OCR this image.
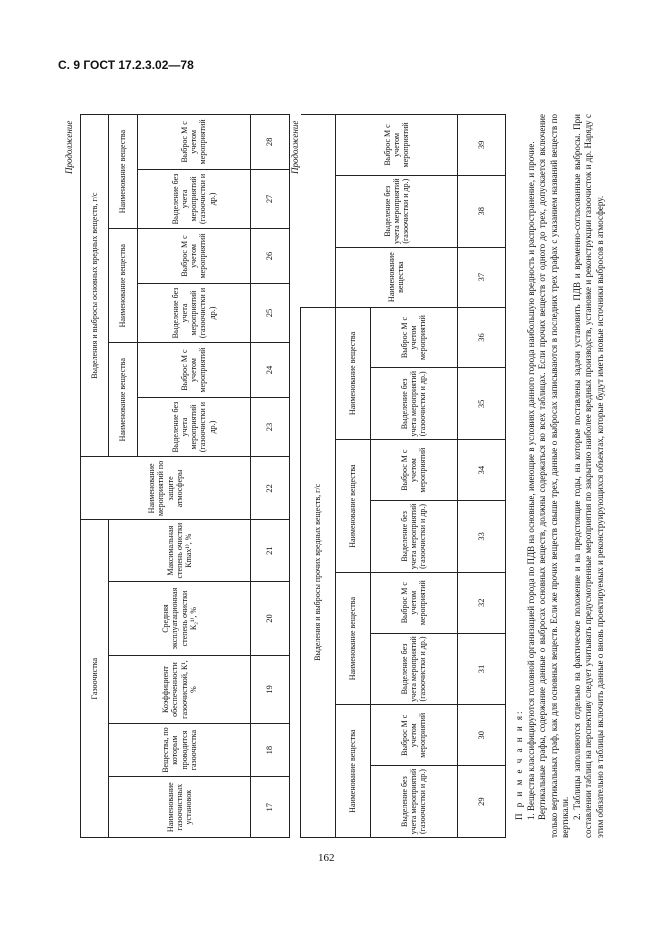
С. 9 ГОСТ 17.2.3.02—78
Продолжение
Газоочистка					Наименование мероприятий по защите атмосферы	Выделения и выбросы основных вредных веществ, г/с					
Наименование газоочистных установок	Вещества, по которым проводится газоочистка	Коэффициент обеспеченности газоочисткой, К¹, %	Средняя эксплуатационная степень очистки К₂¹⁾, %	Максимальная степень очистки Кmax¹⁾, %		Наименование вещества		Наименование вещества		Наименование вещества	
						Выделение без учета мероприятий (газоочистки и др.)	Выброс М с учетом мероприятий	Выделение без учета мероприятий (газоочистки и др.)	Выброс М с учетом мероприятий	Выделение без учета мероприятий (газоочистки и др.)	Выброс М с учетом мероприятий
17	18	19	20	21	22	23	24	25	26	27	28 Продолжение
Выделения и выбросы прочих вредных веществ, г/с										
Наименование вещества		Наименование вещества		Наименование вещества		Наименование вещества		Наименование вещества	Выделение без учета мероприятий (газоочистки и др.)	Выброс М с учетом мероприятий
Выделение без учета мероприятий (газоочистки и др.)	Выброс М с учетом мероприятий	Выделение без учета мероприятий (газоочистки и др.)	Выброс М с учетом мероприятий	Выделение без учета мероприятий (газоочистки и др.)	Выброс М с учетом мероприятий	Выделение без учета мероприятий (газоочистки и др.)	Выброс М с учетом мероприятий			
29	30	31	32	33	34	35	36	37	38	39

П р и м е ч а н и я: 1. Вещества классифицируются головной организацией города по ПДВ на основные, имеющие в условиях данного города наибольшую вредность и распространение, и прочие. Вертикальные графы, содержание данные о выбросах основных веществ, должны содержаться во всех таблицах. Если прочих веществ от одного до трех, допускается включение только вертикальных граф, как для основных веществ. Если же прочих веществ свыше трех, данные о выбросах записываются в последних трех графах с указанием названий веществ по вертикали. 2. Таблицы заполняются отдельно на фактическое положение и на предстоящие годы, на которые поставлены задачи установить ПДВ и временно-согласованные выбросы. При составлении таблиц на перспективу следует учитывать предусмотренные мероприятия по закрытию наиболее вредных производств, установке и реконструкции газоочисток и др. Наряду с этим обязательно в таблицы включить данные о вновь проектируемых и реконструирующихся объектах, которые будут иметь новые источники выбросов в атмосферу.

162
